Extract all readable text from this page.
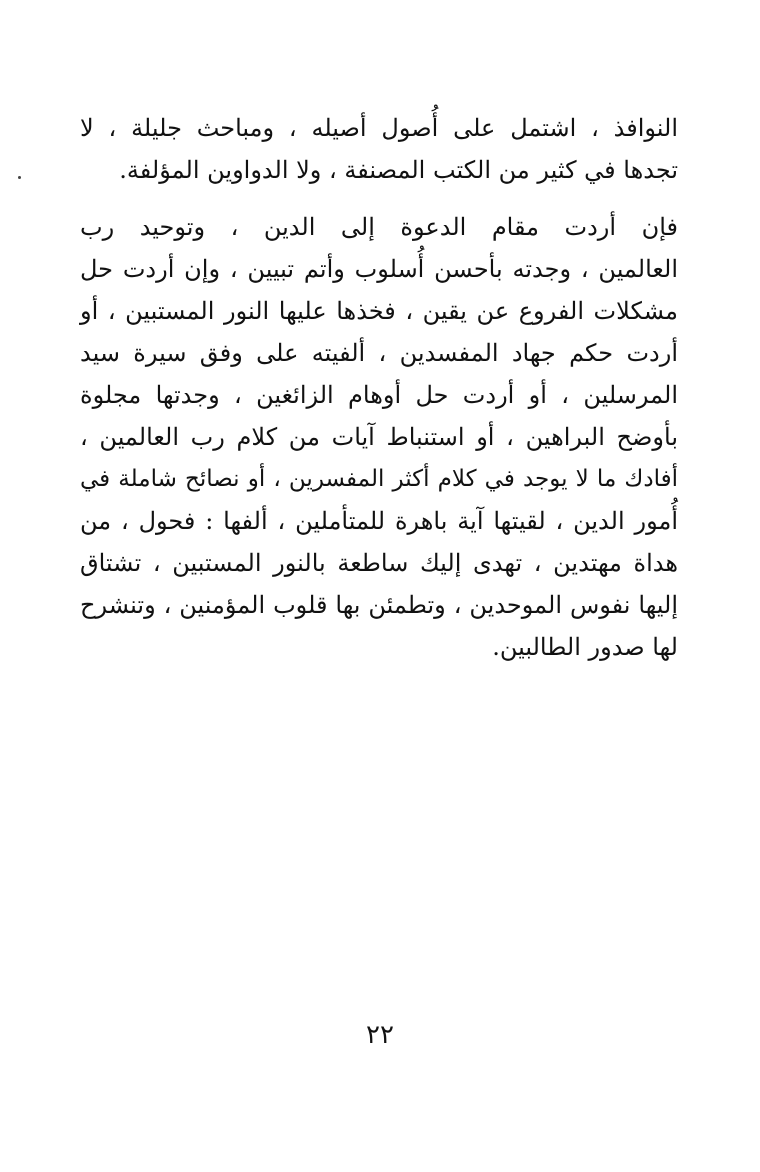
النوافذ ، اشتمل على أُصول أصيله ، ومباحث جليلة ، لا
تجدها في كثير من الكتب المصنفة ، ولا الدواوين المؤلفة.
فإن أردت مقام الدعوة إلى الدين ، وتوحيد رب
العالمين ، وجدته بأحسن أُسلوب وأتم تبيين ، وإن أردت حل
مشكلات الفروع عن يقين ، فخذها عليها النور المستبين ، أو
أردت حكم جهاد المفسدين ، ألفيته على وفق سيرة سيد
المرسلين ، أو أردت حل أوهام الزائغين ، وجدتها مجلوة
بأوضح البراهين ، أو استنباط آيات من كلام رب العالمين ،
أفادك ما لا يوجد في كلام أكثر المفسرين ، أو نصائح شاملة في
أُمور الدين ، لقيتها آية باهرة للمتأملين ، ألفها : فحول ، من
هداة مهتدين ، تهدى إليك ساطعة بالنور المستبين ، تشتاق
إليها نفوس الموحدين ، وتطمئن بها قلوب المؤمنين ، وتنشرح
لها صدور الطالبين.
٢٢
